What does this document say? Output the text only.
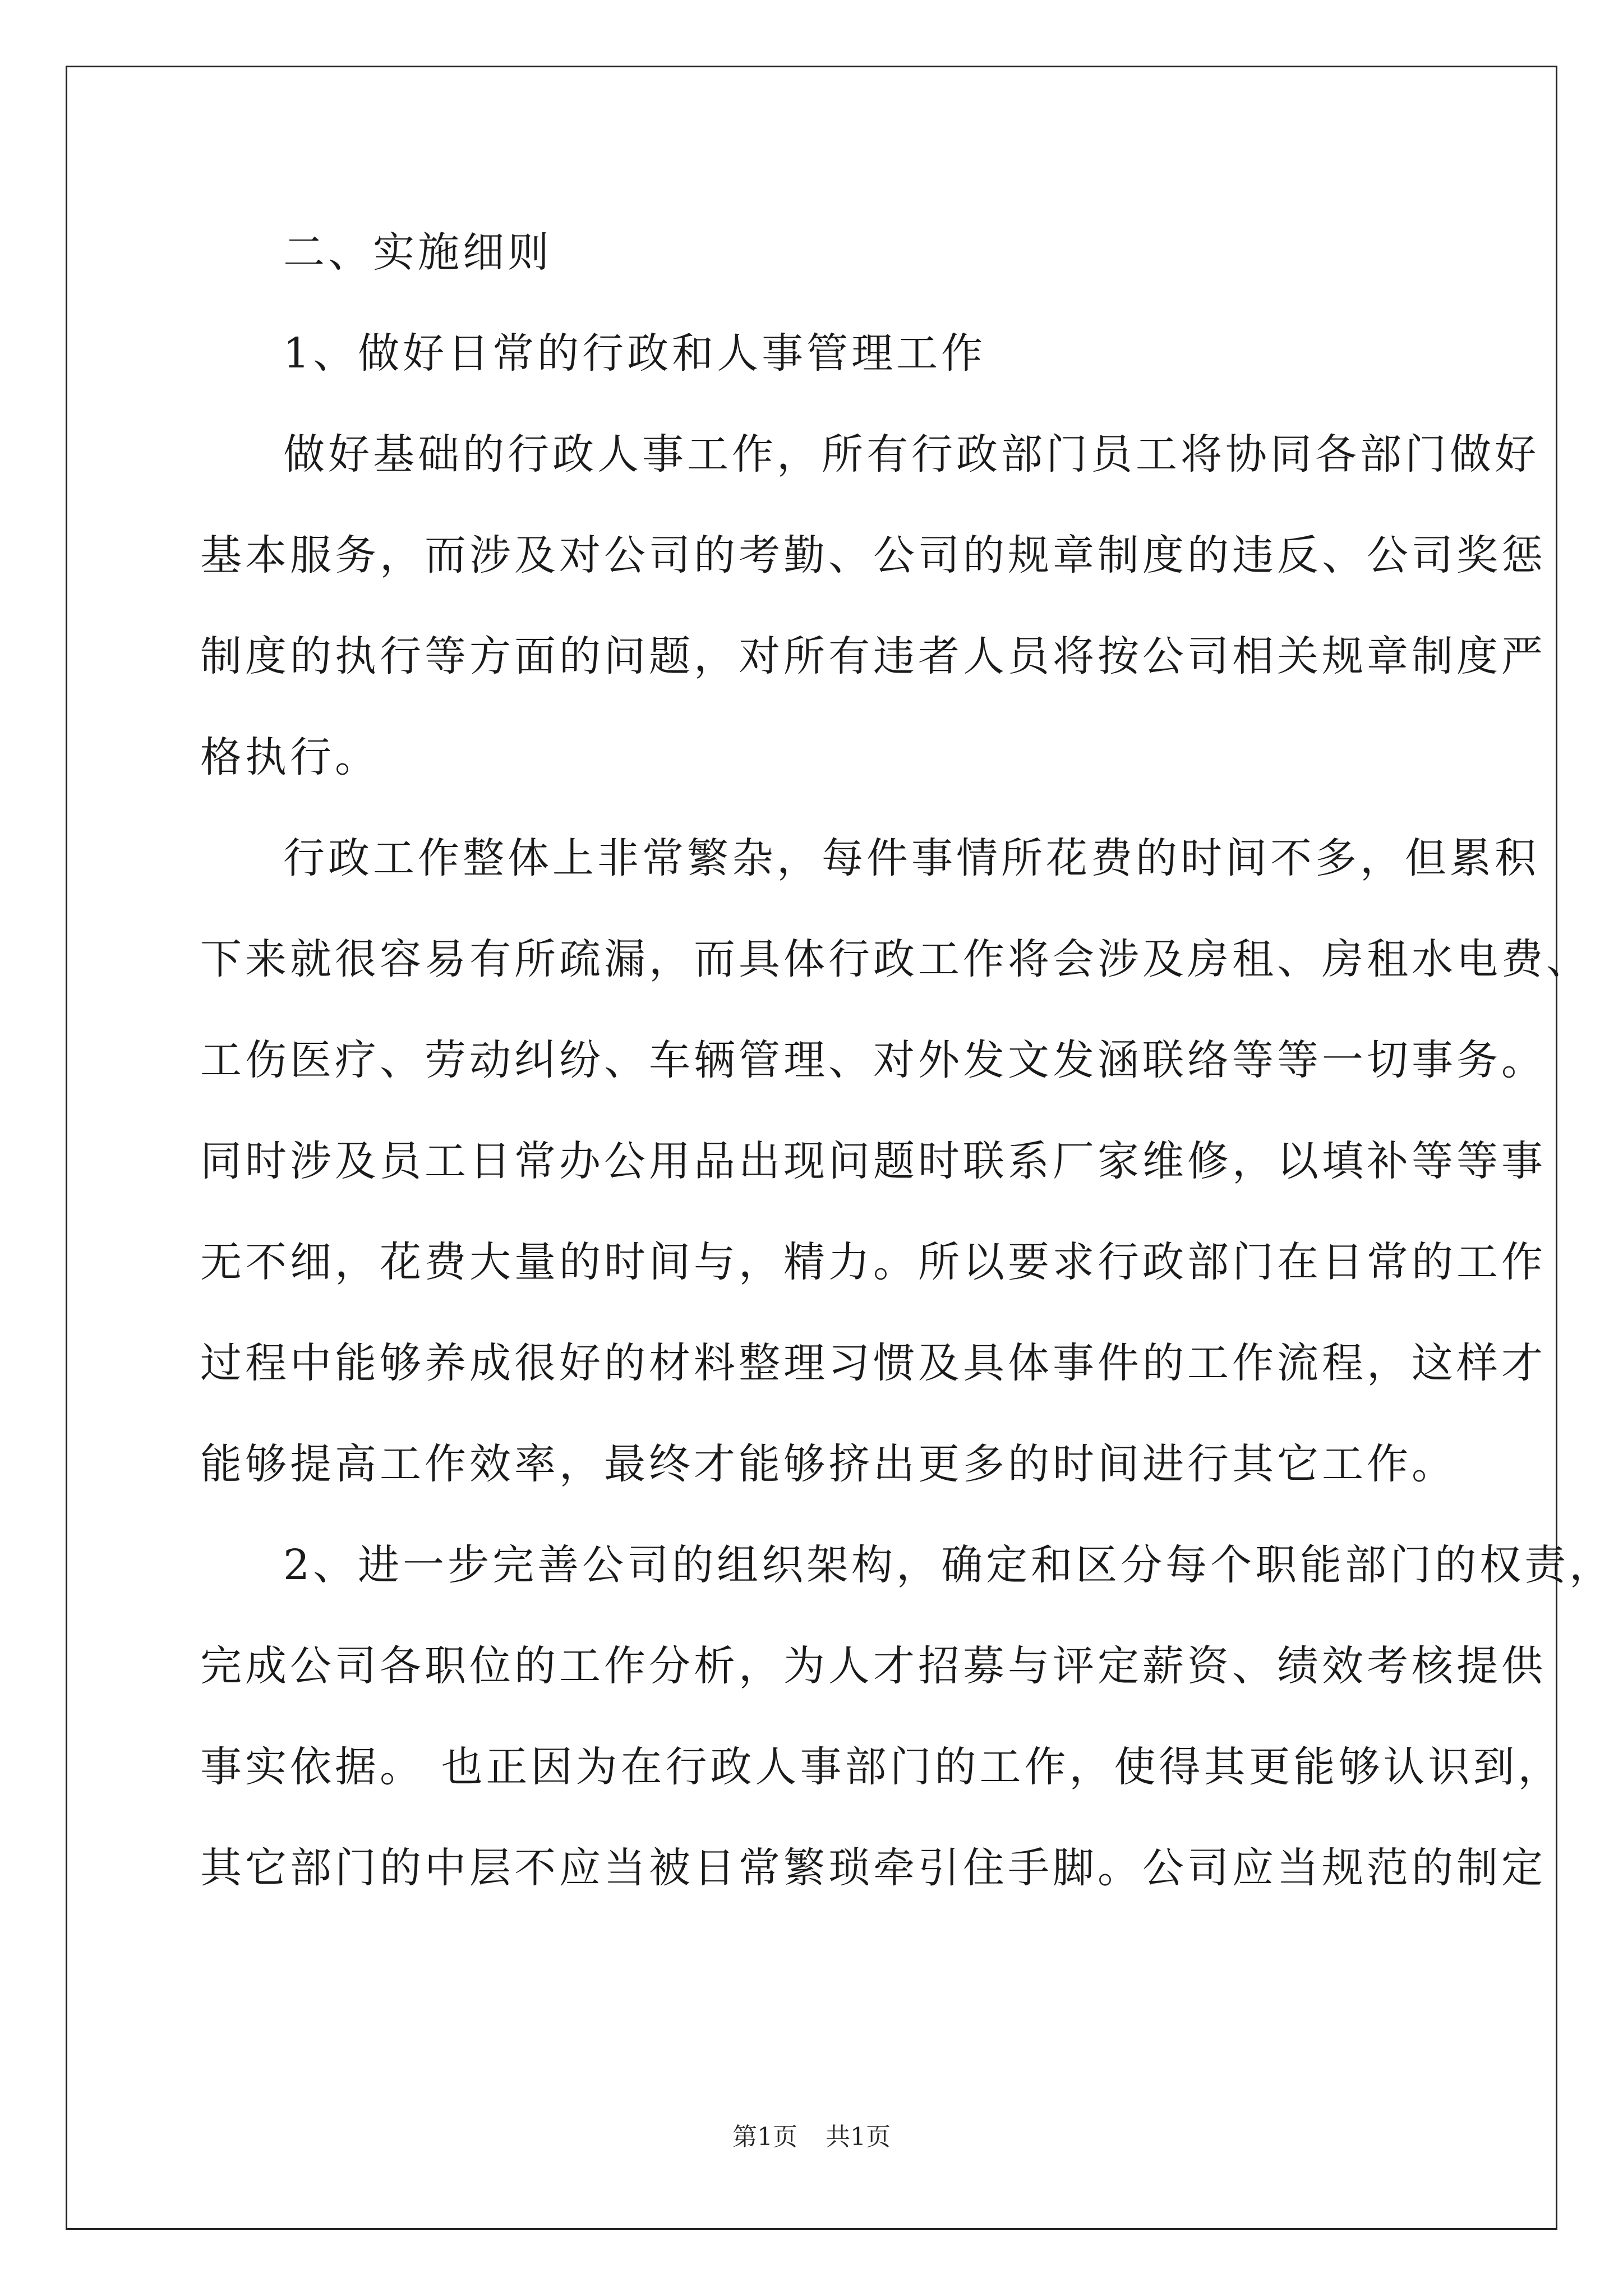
二、实施细则
1、做好日常的行政和人事管理工作
做好基础的行政人事工作，所有行政部门员工将协同各部门做好
基本服务，而涉及对公司的考勤、公司的规章制度的违反、公司奖惩
制度的执行等方面的问题，对所有违者人员将按公司相关规章制度严
格执行。
行政工作整体上非常繁杂，每件事情所花费的时间不多，但累积
下来就很容易有所疏漏，而具体行政工作将会涉及房租、房租水电费、
工伤医疗、劳动纠纷、车辆管理、对外发文发涵联络等等一切事务。
同时涉及员工日常办公用品出现问题时联系厂家维修，以填补等等事
无不细，花费大量的时间与，精力。所以要求行政部门在日常的工作
过程中能够养成很好的材料整理习惯及具体事件的工作流程，这样才
能够提高工作效率，最终才能够挤出更多的时间进行其它工作。
2、进一步完善公司的组织架构，确定和区分每个职能部门的权责，
完成公司各职位的工作分析，为人才招募与评定薪资、绩效考核提供
事实依据。 也正因为在行政人事部门的工作，使得其更能够认识到，
其它部门的中层不应当被日常繁琐牵引住手脚。公司应当规范的制定
第1页 共1页
